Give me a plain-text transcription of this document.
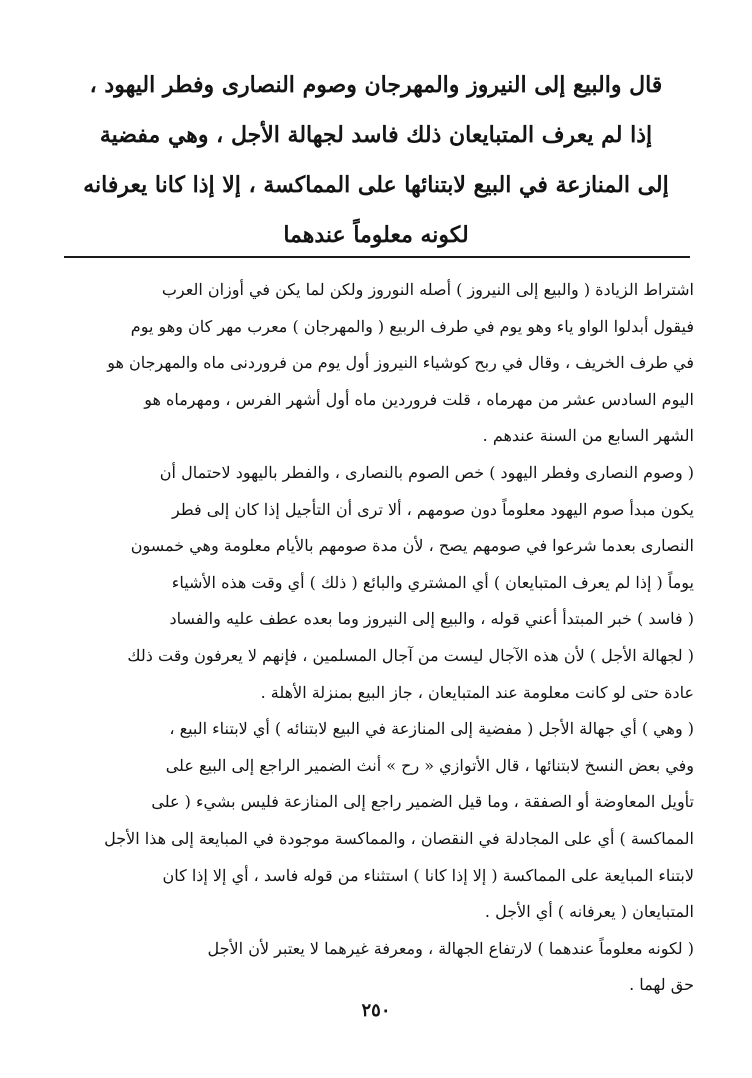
قال والبيع إلى النيروز والمهرجان وصوم النصارى وفطر اليهود ،
إذا لم يعرف المتبايعان ذلك فاسد لجهالة الأجل ، وهي مفضية
إلى المنازعة في البيع لابتنائها على المماكسة ، إلا إذا كانا يعرفانه
لكونه معلوماً عندهما
اشتراط الزيادة ( والبيع إلى النيروز ) أصله النوروز ولكن لما يكن في أوزان العرب
فيقول أبدلوا الواو ياء وهو يوم في طرف الربيع ( والمهرجان ) معرب مهر كان وهو يوم
في طرف الخريف ، وقال في ربح كوشياء النيروز أول يوم من فروردنى ماه والمهرجان هو
اليوم السادس عشر من مهرماه ، قلت فروردين ماه أول أشهر الفرس ، ومهرماه هو
الشهر السابع من السنة عندهم .
( وصوم النصارى وفطر اليهود ) خص الصوم بالنصارى ، والفطر باليهود لاحتمال أن
يكون مبدأ صوم اليهود معلوماً دون صومهم ، ألا ترى أن التأجيل إذا كان إلى فطر
النصارى بعدما شرعوا في صومهم يصح ، لأن مدة صومهم بالأيام معلومة وهي خمسون
يوماً ( إذا لم يعرف المتبايعان ) أي المشتري والبائع ( ذلك ) أي وقت هذه الأشياء
( فاسد ) خبر المبتدأ أعني قوله ، والبيع إلى النيروز وما بعده عطف عليه والفساد
( لجهالة الأجل ) لأن هذه الآجال ليست من آجال المسلمين ، فإنهم لا يعرفون وقت ذلك
عادة حتى لو كانت معلومة عند المتبايعان ، جاز البيع بمنزلة الأهلة .
( وهي ) أي جهالة الأجل ( مفضية إلى المنازعة في البيع لابتنائه ) أي لابتناء البيع ،
وفي بعض النسخ لابتنائها ، قال الأتوازي « رح » أنث الضمير الراجع إلى البيع على
تأويل المعاوضة أو الصفقة ، وما قيل الضمير راجع إلى المنازعة فليس بشيء ( على
المماكسة ) أي على المجادلة في النقصان ، والمماكسة موجودة في المبايعة إلى هذا الأجل
لابتناء المبايعة على المماكسة ( إلا إذا كانا ) استثناء من قوله فاسد ، أي إلا إذا كان
المتبايعان ( يعرفانه ) أي الأجل .
( لكونه معلوماً عندهما ) لارتفاع الجهالة ، ومعرفة غيرهما لا يعتبر لأن الأجل
حق لهما .
٢٥٠
